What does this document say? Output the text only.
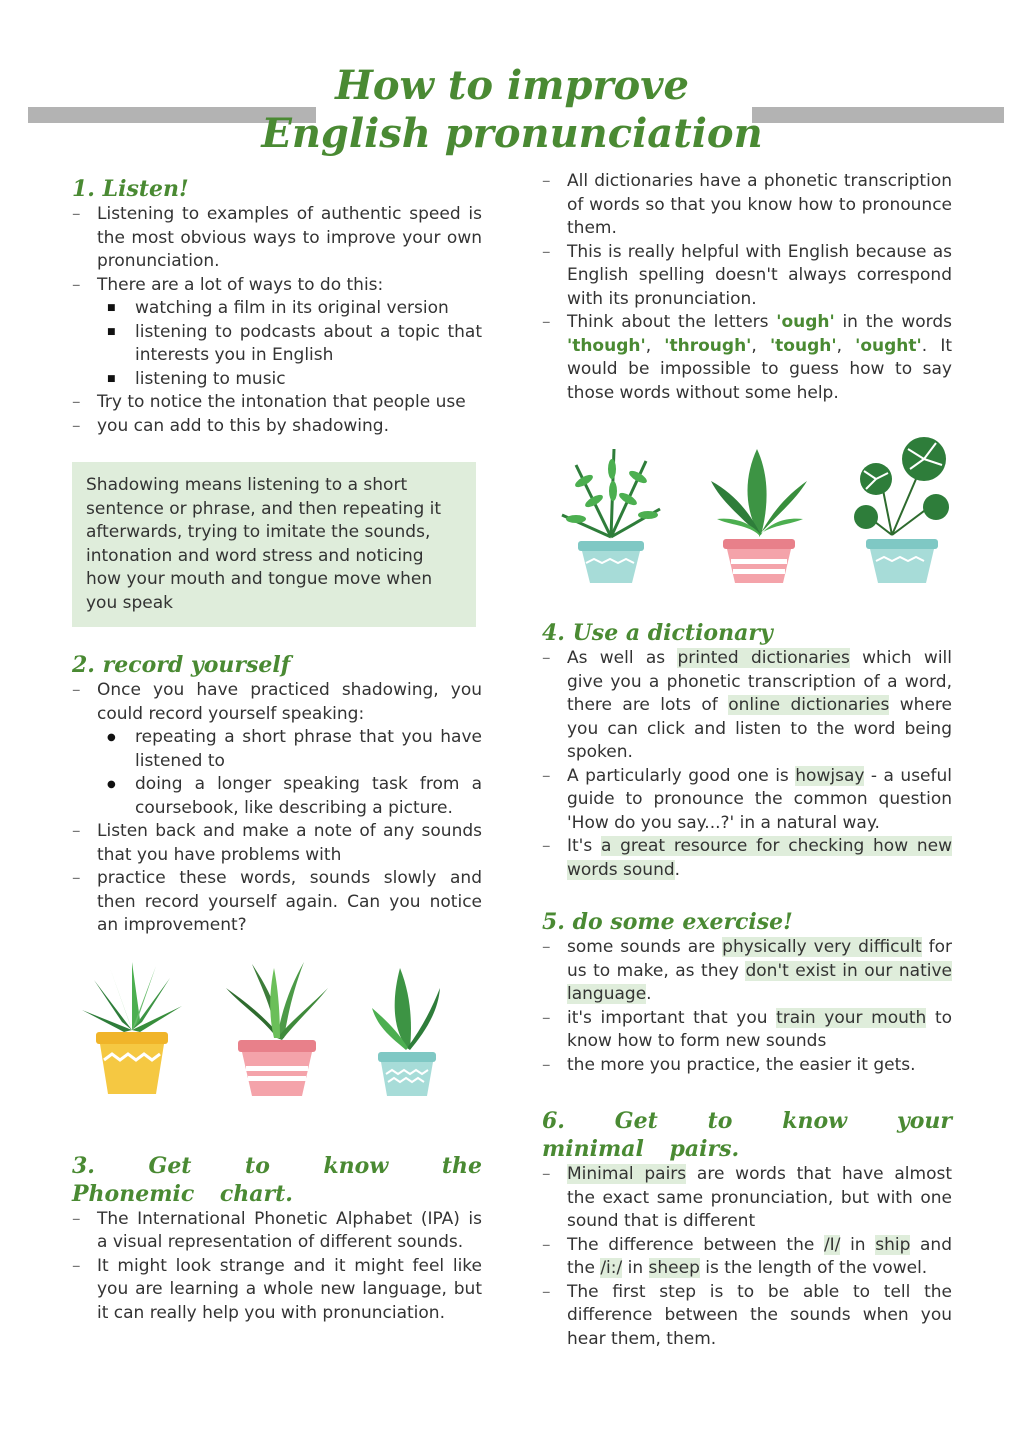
How to improve
English pronunciation
1. Listen!
– Listening to examples of authentic speed is the most obvious ways to improve your own pronunciation.
– There are a lot of ways to do this:
■ watching a film in its original version
■ listening to podcasts about a topic that interests you in English
■ listening to music
– Try to notice the intonation that people use
– you can add to this by shadowing.
Shadowing means listening to a short sentence or phrase, and then repeating it afterwards, trying to imitate the sounds, intonation and word stress and noticing how your mouth and tongue move when you speak
2. record yourself
– Once you have practiced shadowing, you could record yourself speaking:
● repeating a short phrase that you have listened to
● doing a longer speaking task from a coursebook, like describing a picture.
– Listen back and make a note of any sounds that you have problems with
– practice these words, sounds slowly and then record yourself again. Can you notice an improvement?
3. Get to know the Phonemic chart.
– The International Phonetic Alphabet (IPA) is a visual representation of different sounds.
– It might look strange and it might feel like you are learning a whole new language, but it can really help you with pronunciation.
– All dictionaries have a phonetic transcription of words so that you know how to pronounce them.
– This is really helpful with English because as English spelling doesn't always correspond with its pronunciation.
– Think about the letters 'ough' in the words 'though', 'through', 'tough', 'ought'. It would be impossible to guess how to say those words without some help.
4. Use a dictionary
– As well as printed dictionaries which will give you a phonetic transcription of a word, there are lots of online dictionaries where you can click and listen to the word being spoken.
– A particularly good one is howjsay - a useful guide to pronounce the common question 'How do you say...?' in a natural way.
– It's a great resource for checking how new words sound.
5. do some exercise!
– some sounds are physically very difficult for us to make, as they don't exist in our native language.
– it's important that you train your mouth to know how to form new sounds
– the more you practice, the easier it gets.
6. Get to know your minimal pairs.
– Minimal pairs are words that have almost the exact same pronunciation, but with one sound that is different
– The difference between the /I/ in ship and the /i:/ in sheep is the length of the vowel.
– The first step is to be able to tell the difference between the sounds when you hear them, them.
